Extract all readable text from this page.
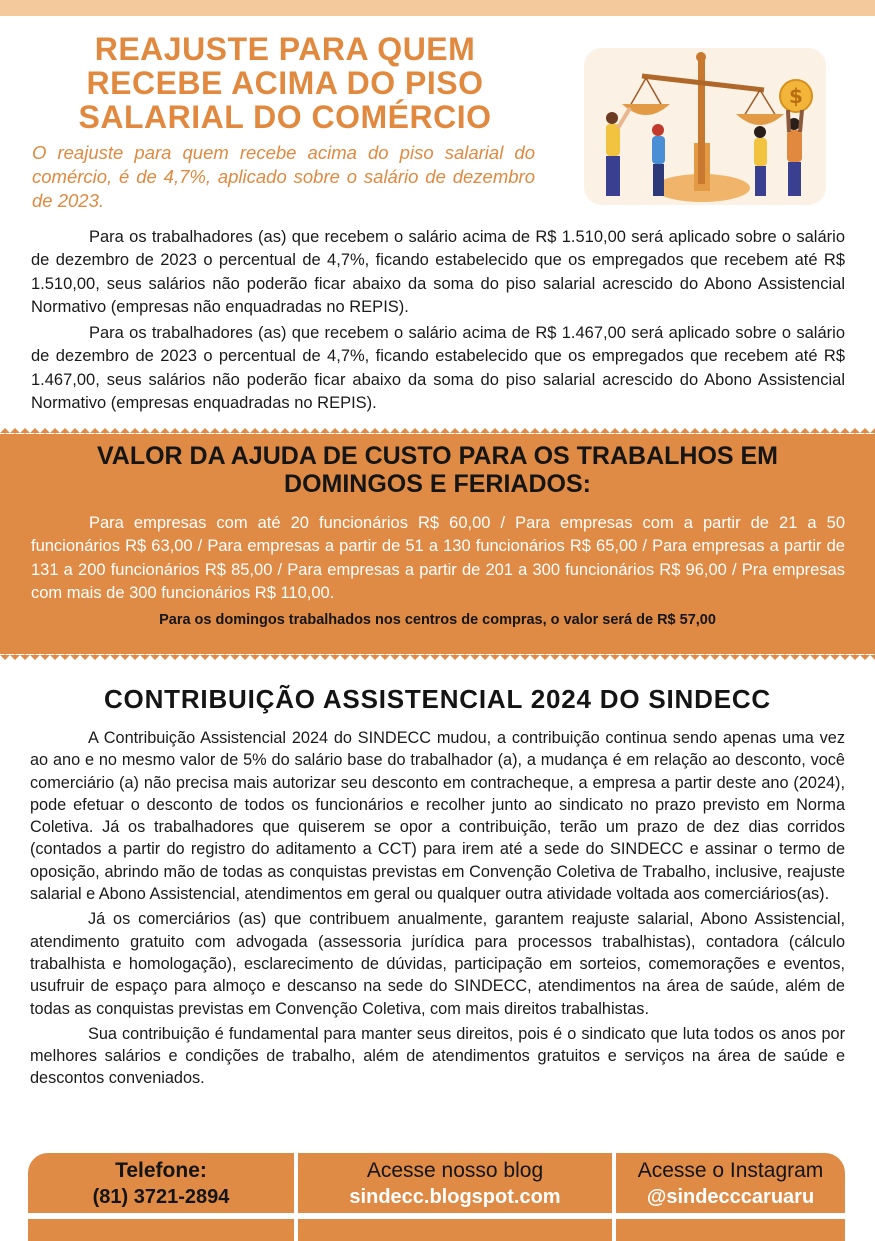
REAJUSTE PARA QUEM
RECEBE ACIMA DO PISO
SALARIAL DO COMÉRCIO
O reajuste para quem recebe acima do piso salarial do comércio, é de 4,7%, aplicado sobre o salário de dezembro de 2023.
$

Para os trabalhadores (as) que recebem o salário acima de R$ 1.510,00 será aplicado sobre o salário de dezembro de 2023 o percentual de 4,7%, ficando estabelecido que os empregados que recebem até R$ 1.510,00, seus salários não poderão ficar abaixo da soma do piso salarial acrescido do Abono Assistencial Normativo (empresas não enquadradas no REPIS).

Para os trabalhadores (as) que recebem o salário acima de R$ 1.467,00 será aplicado sobre o salário de dezembro de 2023 o percentual de 4,7%, ficando estabelecido que os empregados que recebem até R$ 1.467,00, seus salários não poderão ficar abaixo da soma do piso salarial acrescido do Abono Assistencial Normativo (empresas enquadradas no REPIS).

VALOR DA AJUDA DE CUSTO PARA OS TRABALHOS EM
DOMINGOS E FERIADOS:

Para empresas com até 20 funcionários R$ 60,00 / Para empresas com a partir de 21 a 50 funcionários R$ 63,00 / Para empresas a partir de 51 a 130 funcionários R$ 65,00 / Para empresas a partir de 131 a 200 funcionários R$ 85,00 / Para empresas a partir de 201 a 300 funcionários R$ 96,00 / Pra empresas com mais de 300 funcionários R$ 110,00.

Para os domingos trabalhados nos centros de compras, o valor será de R$ 57,00
CONTRIBUIÇÃO ASSISTENCIAL 2024 DO SINDECC

A Contribuição Assistencial 2024 do SINDECC mudou, a contribuição continua sendo apenas uma vez ao ano e no mesmo valor de 5% do salário base do trabalhador (a), a mudança é em relação ao desconto, você comerciário (a) não precisa mais autorizar seu desconto em contracheque, a empresa a partir deste ano (2024), pode efetuar o desconto de todos os funcionários e recolher junto ao sindicato no prazo previsto em Norma Coletiva. Já os trabalhadores que quiserem se opor a contribuição, terão um prazo de dez dias corridos (contados a partir do registro do aditamento a CCT) para irem até a sede do SINDECC e assinar o termo de oposição, abrindo mão de todas as conquistas previstas em Convenção Coletiva de Trabalho, inclusive, reajuste salarial e Abono Assistencial, atendimentos em geral ou qualquer outra atividade voltada aos comerciários(as).

Já os comerciários (as) que contribuem anualmente, garantem reajuste salarial, Abono Assistencial, atendimento gratuito com advogada (assessoria jurídica para processos trabalhistas), contadora (cálculo trabalhista e homologação), esclarecimento de dúvidas, participação em sorteios, comemorações e eventos, usufruir de espaço para almoço e descanso na sede do SINDECC, atendimentos na área de saúde, além de todas as conquistas previstas em Convenção Coletiva, com mais direitos trabalhistas.

Sua contribuição é fundamental para manter seus direitos, pois é o sindicato que luta todos os anos por melhores salários e condições de trabalho, além de atendimentos gratuitos e serviços na área de saúde e descontos conveniados.

Telefone:
(81) 3721-2894
Acesse nosso blog
sindecc.blogspot.com
Acesse o Instagram
@sindecccaruaru
